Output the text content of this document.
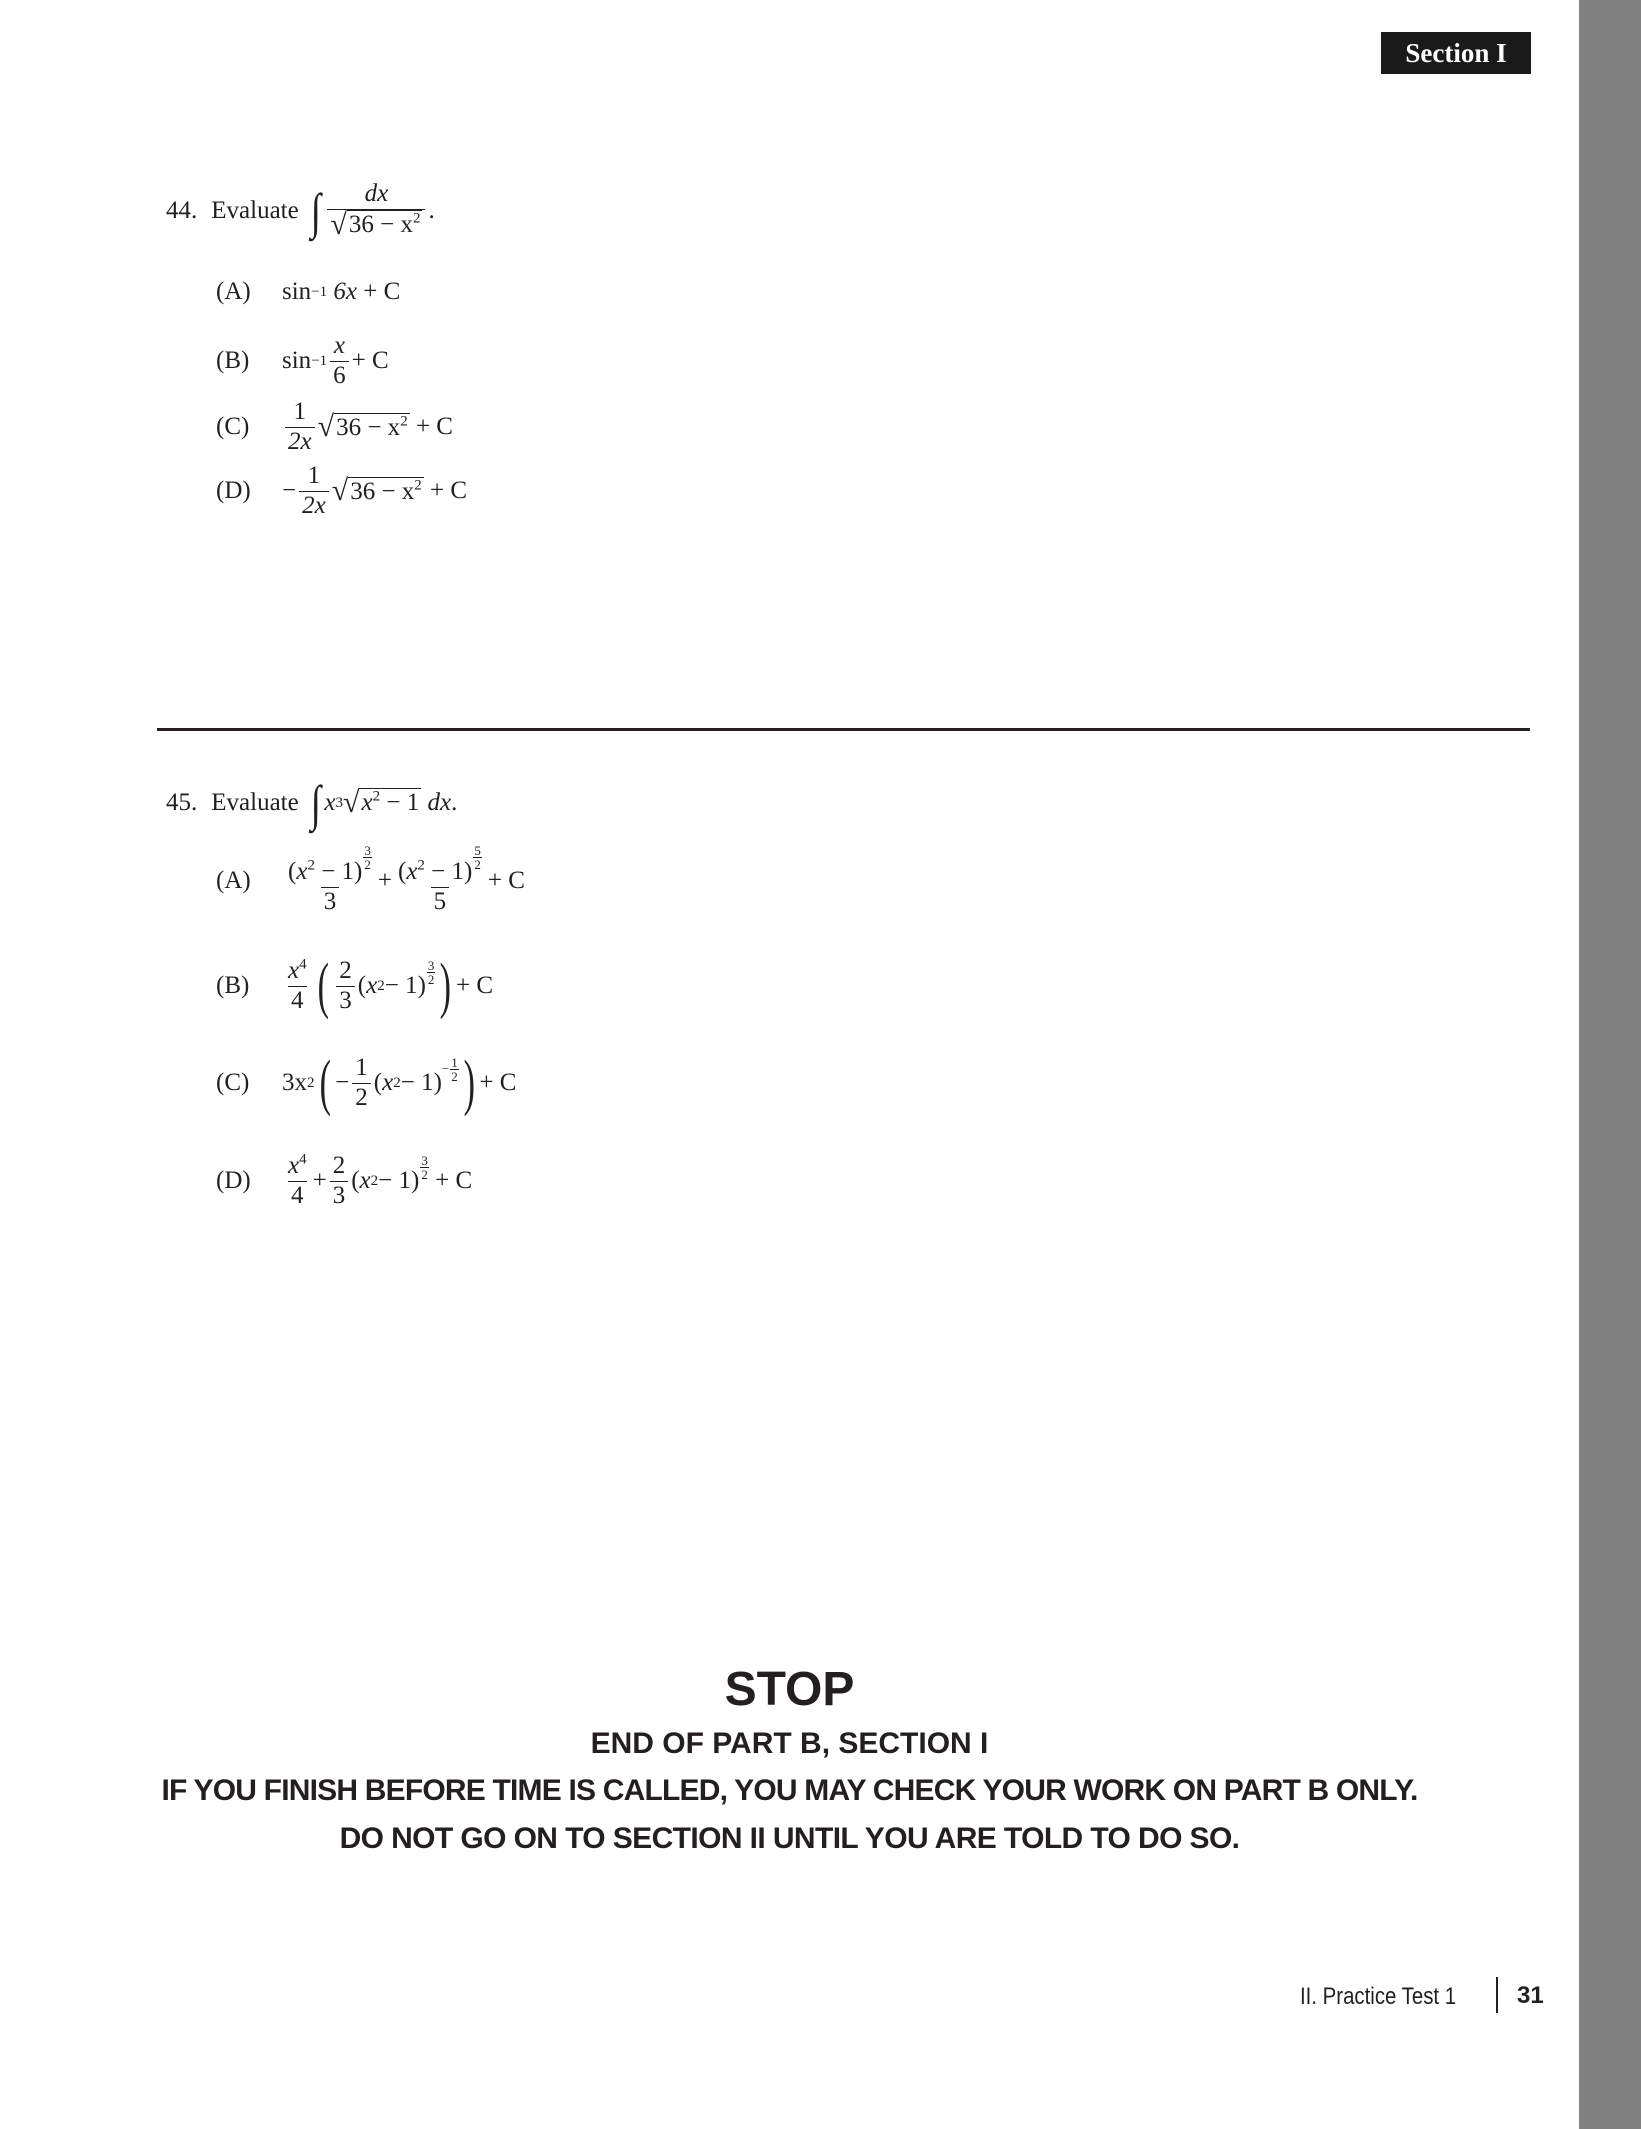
Section I
44. Evaluate ∫ $\frac{dx}{√ 36 - x^2}$ .
(A)	sin −1
6x
+ C
(B)	$\sin -1 \frac{x}{6} + C$
(C)	$\frac{1}{2x}$ √ $36 - x^2$
+ C
(D)	− $\frac{1}{2x}$ √ $36 - x^2$
+ C
45. Evaluate ∫ x 3 √ $x^2 - 1$
dx .
(A)	$(x^2 - 1)$
$\frac{3}{2}$
$3 + (x^2 - 1)$
$\frac{5}{2}$
5 + C
(B)	$\frac{x^4}{4}$ ( $\frac{2}{3}$ ( x 2 − 1 )
3
2 ) + C
(C)	3x 2 ( − $\frac{1}{2}$ ( x 2 − 1 )
− $\frac{1}{2}$ ) + C
(D)	$\frac{x^4}{4} + \frac{2}{3}$ ( x 2 − 1 )
3
2
+ C
STOP
END OF PART B, SECTION I
IF YOU FINISH BEFORE TIME IS CALLED, YOU MAY CHECK YOUR WORK ON PART B ONLY.
DO NOT GO ON TO SECTION II UNTIL YOU ARE TOLD TO DO SO.
II. Practice Test 1	31
